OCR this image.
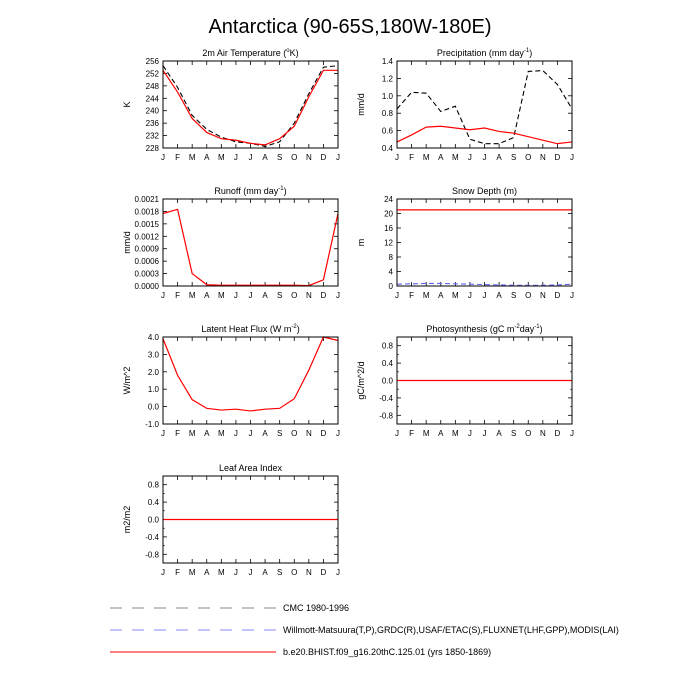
Antarctica (90-65S,180W-180E)
2m Air Temperature ($^o$K)
K
228
232
236
240
244
248
252
256
J F M A M J J A S O N D J
Precipitation (mm day$^{-1}$)
mm/d
0.4
0.6
0.8
1.0
1.2
1.4
J F M A M J J A S O N D J
Runoff (mm day$^{-1}$)
mm/d
0.0000
0.0003
0.0006
0.0009
0.0012
0.0015
0.0018
0.0021
J F M A M J J A S O N D J
Snow Depth (m)
m
0
4
8
12
16
20
24
J F M A M J J A S O N D J
Latent Heat Flux (W $m^{-2}$)
W/m^2
-1.0
0.0
1.0
2.0
3.0
4.0
J F M A M J J A S O N D J
Photosynthesis (gC $m^{-2}day^{-1}$)
gC/m^2/d
-0.8
-0.4
0.0
0.4
0.8
J F M A M J J A S O N D J
Leaf Area Index
m2/m2
-0.8
-0.4
0.0
0.4
0.8
J F M A M J J A S O N D J
CMC 1980-1996
Willmott-Matsuura(T,P),GRDC(R),USAF/ETAC(S),FLUXNET(LHF,GPP),MODIS(LAI)
b.e20.BHIST.f09_g16.20thC.125.01 (yrs 1850-1869)
